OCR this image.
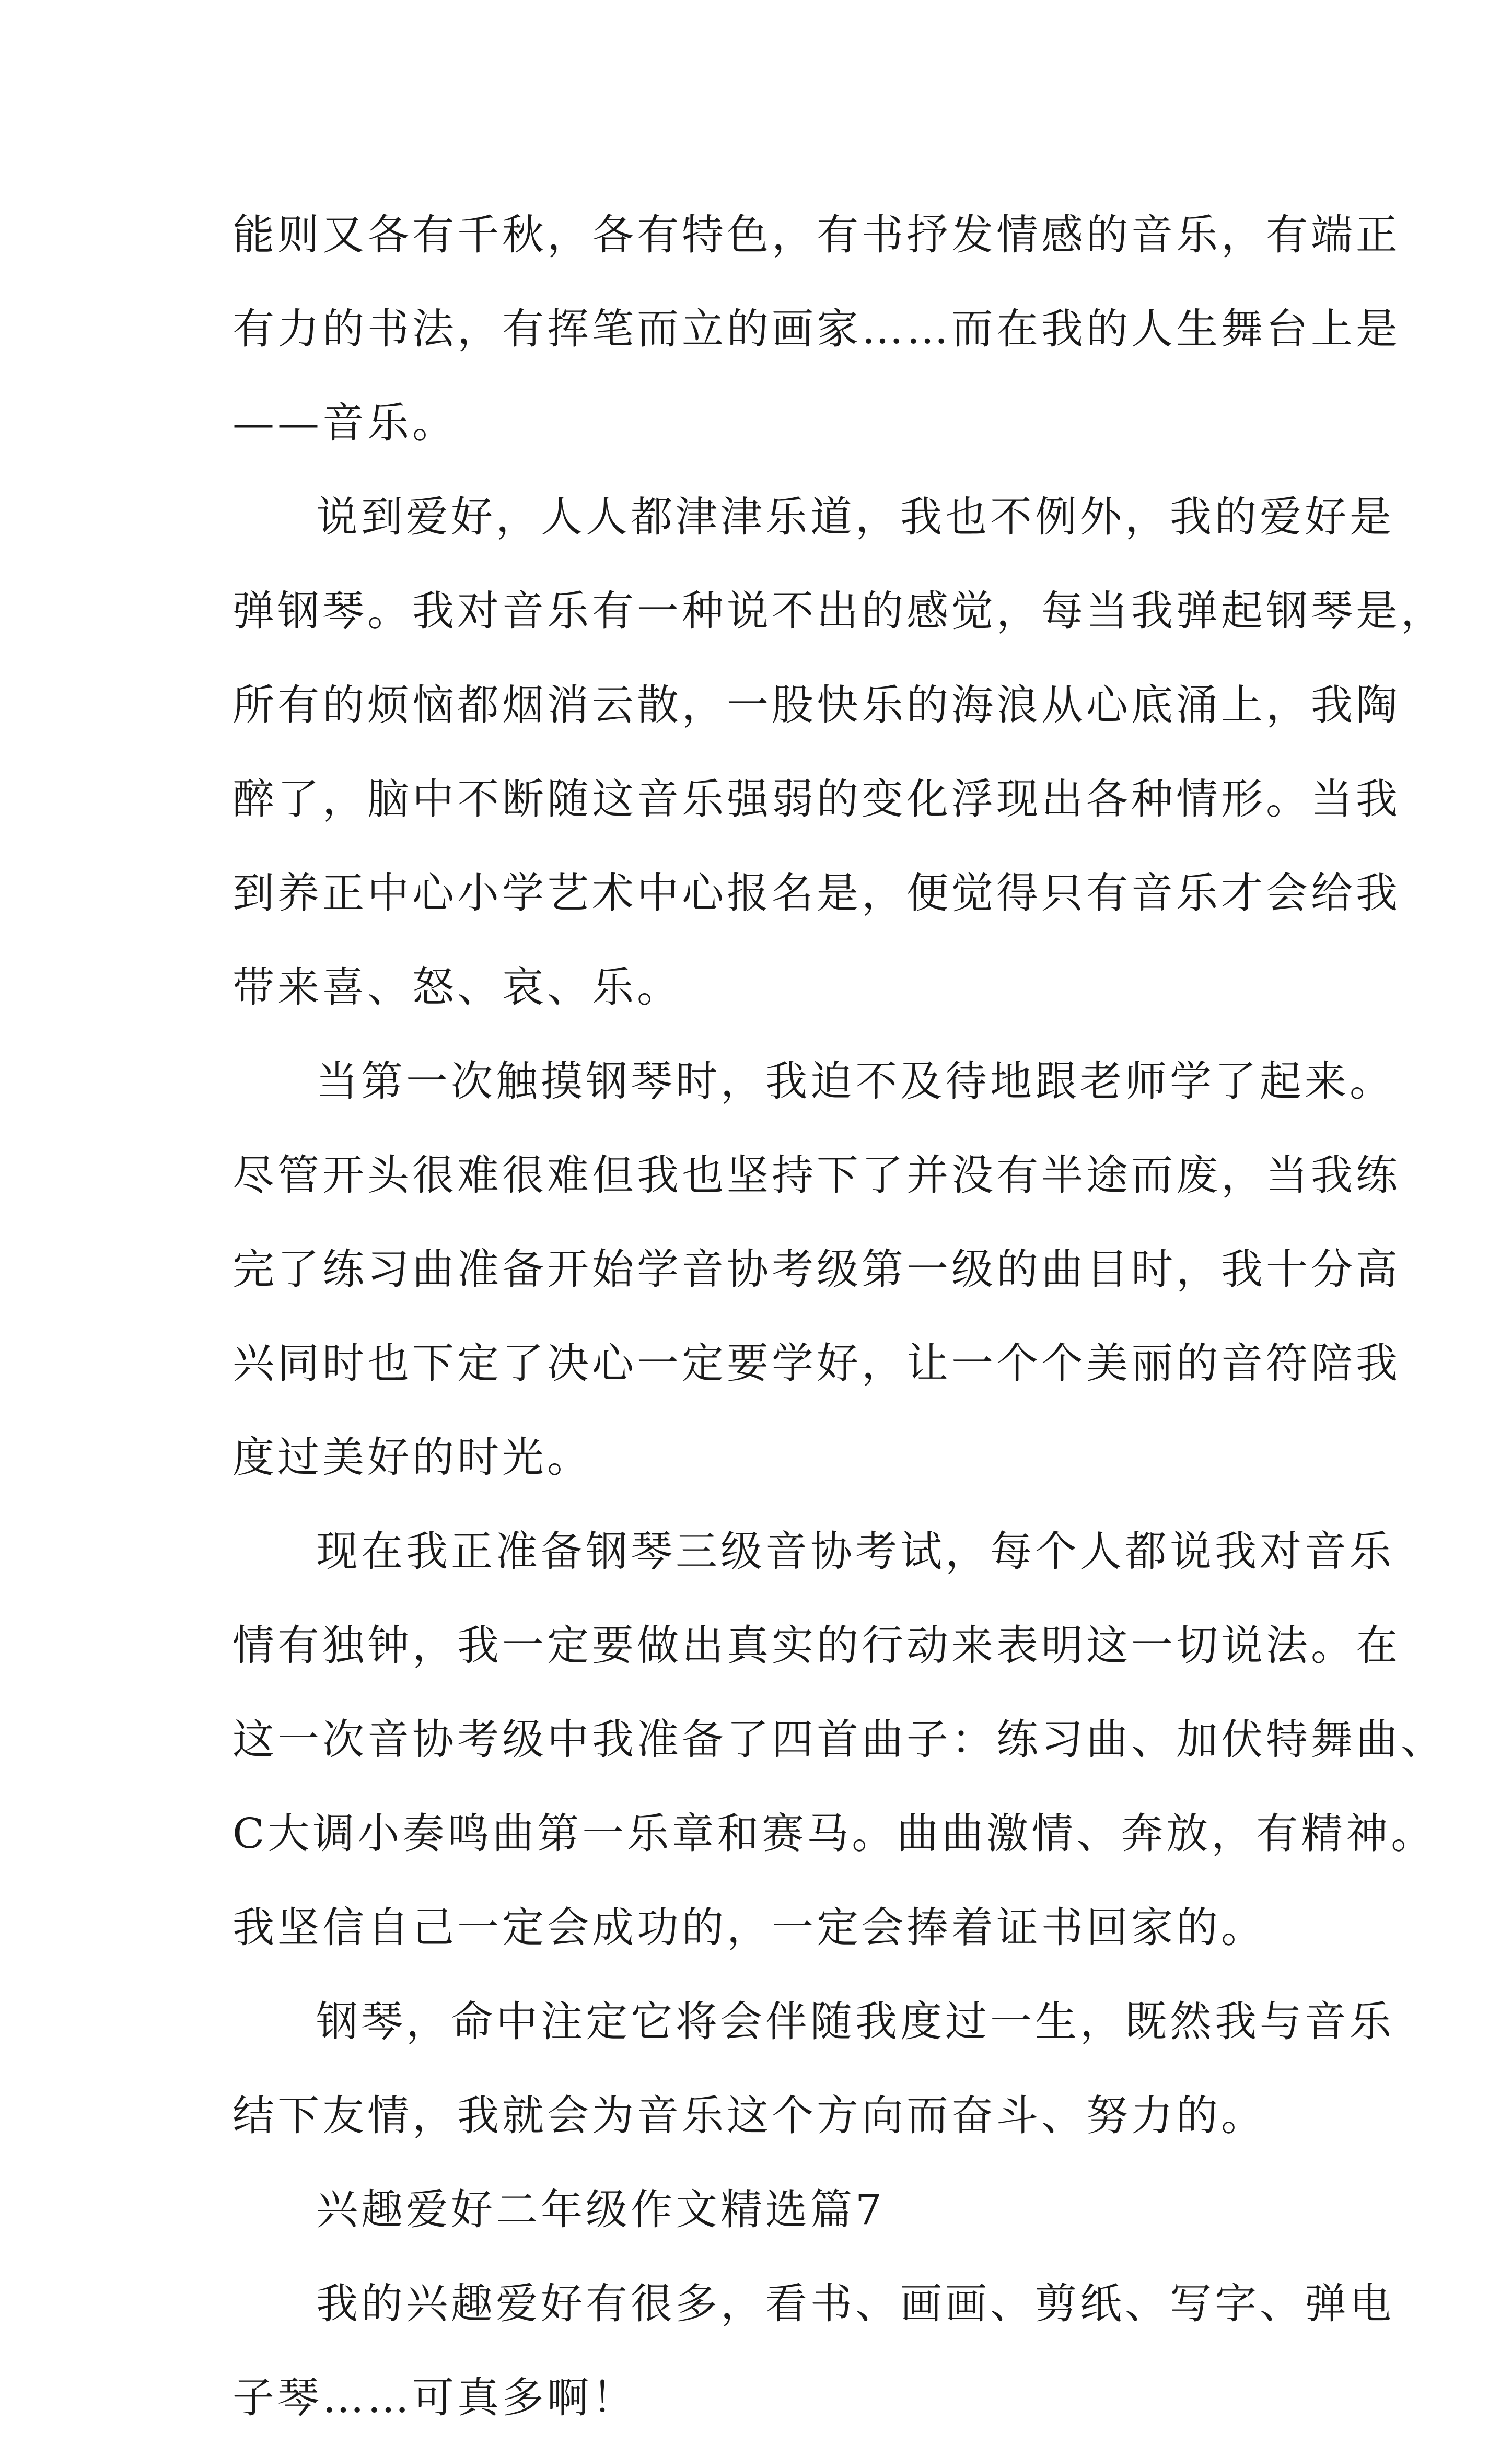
能则又各有千秋，各有特色，有书抒发情感的音乐，有端正
有力的书法，有挥笔而立的画家……而在我的人生舞台上是
——音乐。
说到爱好，人人都津津乐道，我也不例外，我的爱好是
弹钢琴。我对音乐有一种说不出的感觉，每当我弹起钢琴是，
所有的烦恼都烟消云散，一股快乐的海浪从心底涌上，我陶
醉了，脑中不断随这音乐强弱的变化浮现出各种情形。当我
到养正中心小学艺术中心报名是，便觉得只有音乐才会给我
带来喜、怒、哀、乐。
当第一次触摸钢琴时，我迫不及待地跟老师学了起来。
尽管开头很难很难但我也坚持下了并没有半途而废，当我练
完了练习曲准备开始学音协考级第一级的曲目时，我十分高
兴同时也下定了决心一定要学好，让一个个美丽的音符陪我
度过美好的时光。
现在我正准备钢琴三级音协考试，每个人都说我对音乐
情有独钟，我一定要做出真实的行动来表明这一切说法。在
这一次音协考级中我准备了四首曲子：练习曲、加伏特舞曲、
C大调小奏鸣曲第一乐章和赛马。曲曲激情、奔放，有精神。
我坚信自己一定会成功的，一定会捧着证书回家的。
钢琴，命中注定它将会伴随我度过一生，既然我与音乐
结下友情，我就会为音乐这个方向而奋斗、努力的。
兴趣爱好二年级作文精选篇7
我的兴趣爱好有很多，看书、画画、剪纸、写字、弹电
子琴……可真多啊！
